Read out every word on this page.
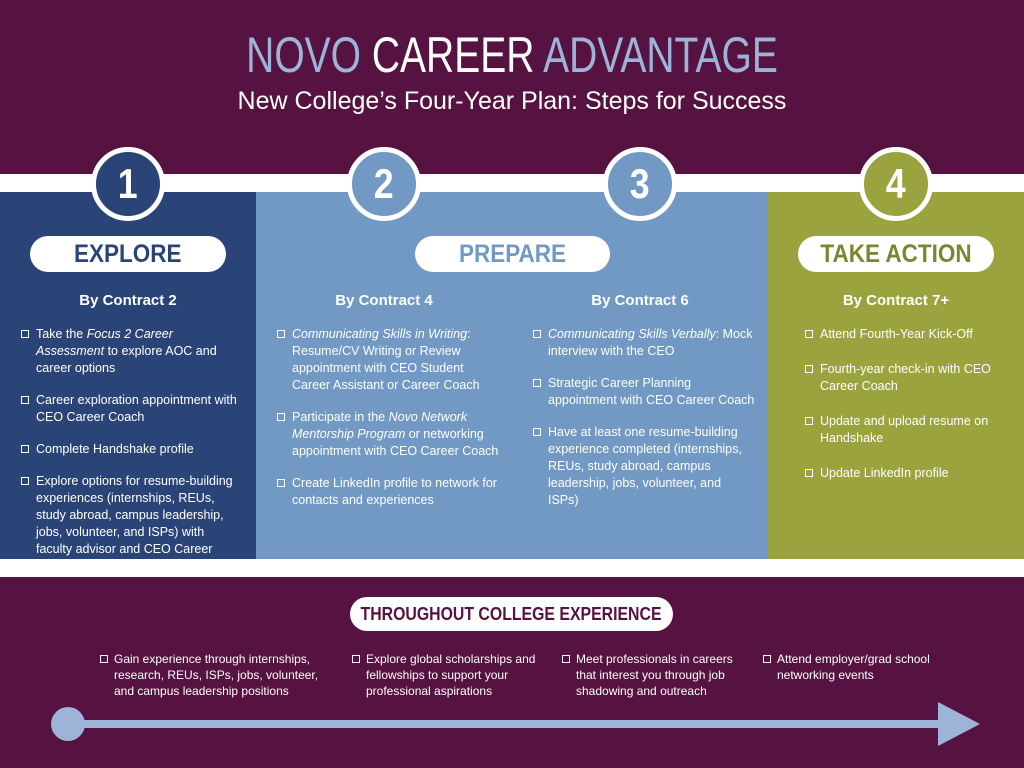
NOVO CAREER ADVANTAGE
New College’s Four-Year Plan: Steps for Success
1	2	3	4
EXPLORE	PREPARE	TAKE ACTION
By Contract 2	By Contract 4	By Contract 6	By Contract 7+
Take the Focus 2 Career Assessment to explore AOC and career options
Career exploration appointment with CEO Career Coach
Complete Handshake profile
Explore options for resume-building experiences (internships, REUs, study abroad, campus leadership, jobs, volunteer, and ISPs) with faculty advisor and CEO Career Coach
Communicating Skills in Writing: Resume/CV Writing or Review appointment with CEO Student Career Assistant or Career Coach
Participate in the Novo Network Mentorship Program or networking appointment with CEO Career Coach
Create LinkedIn profile to network for contacts and experiences
Communicating Skills Verbally: Mock interview with the CEO
Strategic Career Planning appointment with CEO Career Coach
Have at least one resume-building experience completed (internships, REUs, study abroad, campus leadership, jobs, volunteer, and ISPs)
Attend Fourth-Year Kick-Off
Fourth-year check-in with CEO Career Coach
Update and upload resume on Handshake
Update LinkedIn profile
THROUGHOUT COLLEGE EXPERIENCE
Gain experience through internships, research, REUs, ISPs, jobs, volunteer, and campus leadership positions
Explore global scholarships and fellowships to support your professional aspirations
Meet professionals in careers that interest you through job shadowing and outreach
Attend employer/grad school networking events
